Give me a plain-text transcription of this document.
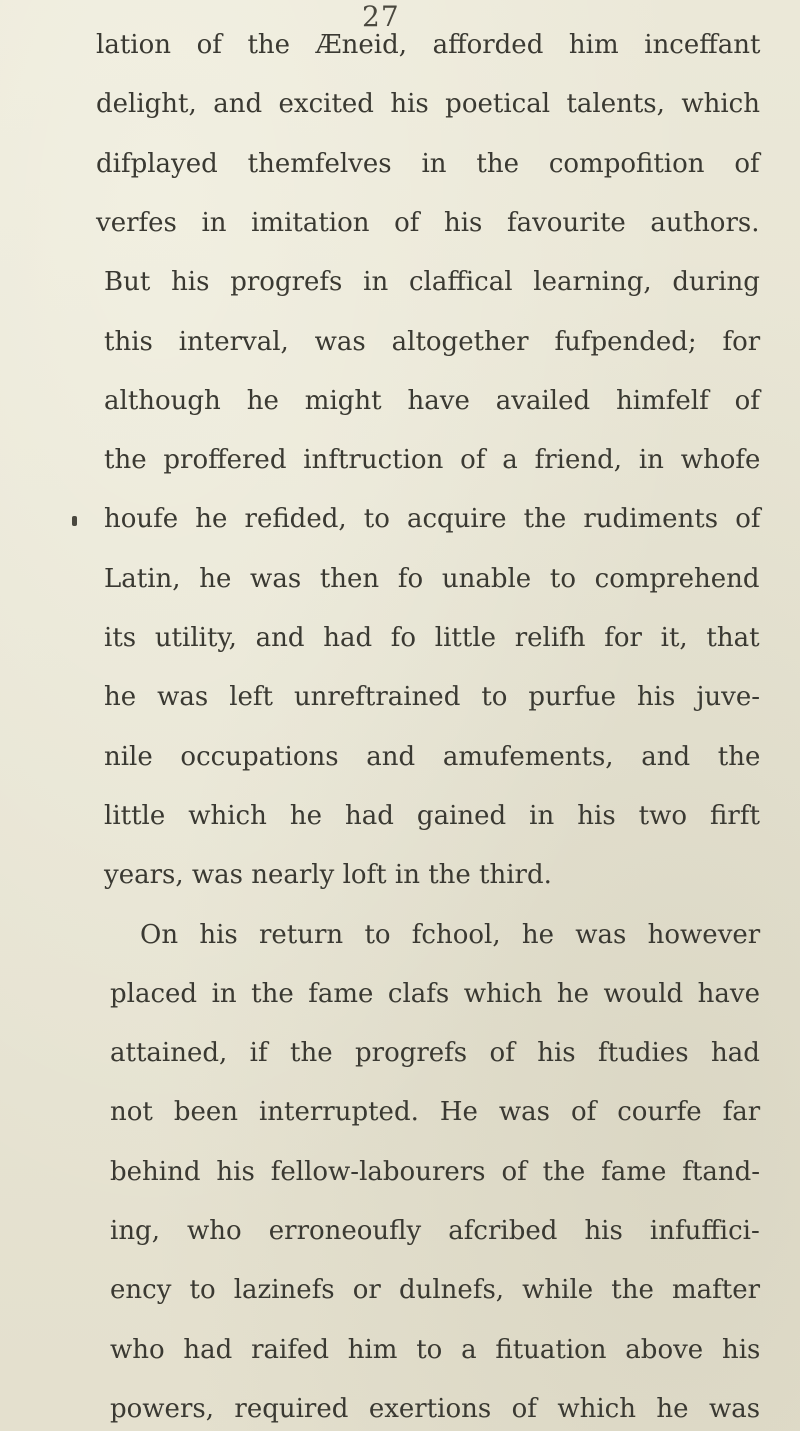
27
lation of the Æneid, afforded him inceffant
delight, and excited his poetical talents, which
difplayed themfelves in the compofition of
verfes in imitation of his favourite authors.
But his progrefs in claffical learning, during
this interval, was altogether fufpended; for
although he might have availed himfelf of
the proffered inftruction of a friend, in whofe
houfe he refided, to acquire the rudiments of
Latin, he was then fo unable to comprehend
its utility, and had fo little relifh for it, that
he was left unreftrained to purfue his juve-
nile occupations and amufements, and the
little which he had gained in his two firft
years, was nearly loft in the third.
On his return to fchool, he was however
placed in the fame clafs which he would have
attained, if the progrefs of his ftudies had
not been interrupted. He was of courfe far
behind his fellow-labourers of the fame ftand-
ing, who erroneoufly afcribed his infuffici-
ency to lazinefs or dulnefs, while the mafter
who had raifed him to a fituation above his
powers, required exertions of which he was
